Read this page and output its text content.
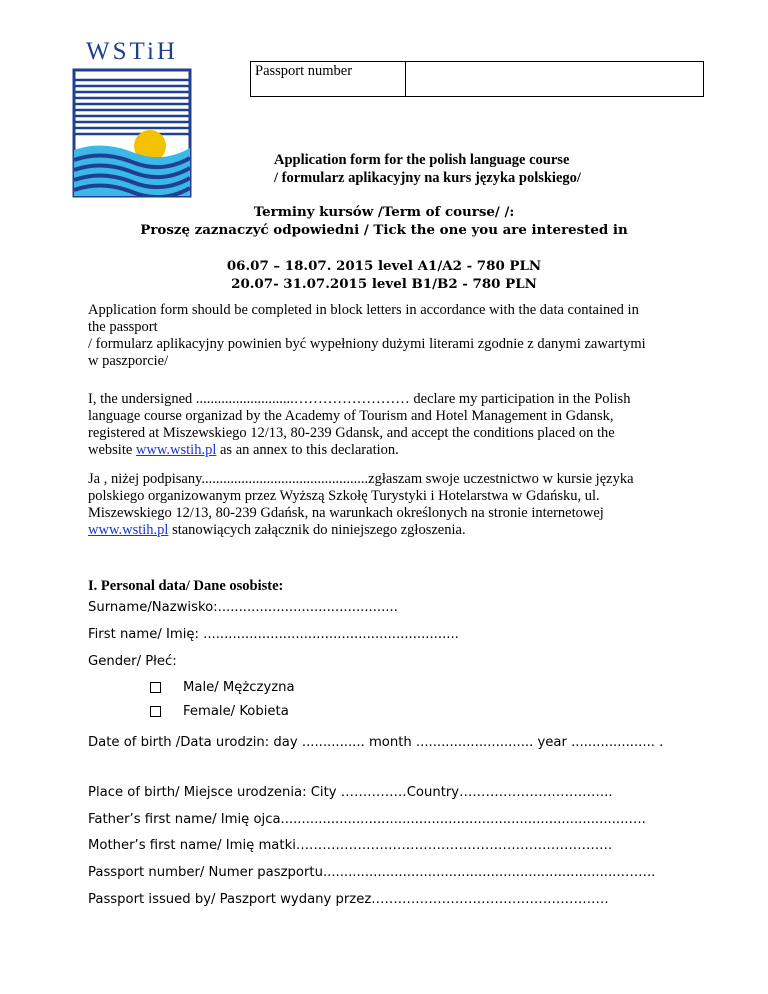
WSTiH
Passport number
Application form for the polish language course
/ formularz aplikacyjny na kurs języka polskiego/
Terminy kursów /Term of course/ /:
Proszę zaznaczyć odpowiedni / Tick the one you are interested in
06.07 – 18.07. 2015 level A1/A2 - 780 PLN
20.07- 31.07.2015 level B1/B2 - 780 PLN
Application form should be completed in block letters in accordance with the data contained in
the passport
/ formularz aplikacyjny powinien być wypełniony dużymi literami zgodnie z danymi zawartymi
w paszporcie/
I, the undersigned ...........................…………………… declare my participation in the Polish
language course organizad by the Academy of Tourism and Hotel Management in Gdansk,
registered at Miszewskiego 12/13, 80-239 Gdansk, and accept the conditions placed on the
website www.wstih.pl as an annex to this declaration.
Ja , niżej podpisany..............................................zgłaszam swoje uczestnictwo w kursie języka
polskiego organizowanym przez Wyższą Szkołę Turystyki i Hotelarstwa w Gdańsku, ul.
Miszewskiego 12/13, 80-239 Gdańsk, na warunkach określonych na stronie internetowej
www.wstih.pl stanowiących załącznik do niniejszego zgłoszenia.
I. Personal data/ Dane osobiste:
Surname/Nazwisko:...........................................
First name/ Imię: .............................................................
Gender/ Płeć:
Male/ Mężczyzna
Female/ Kobieta
Date of birth /Data urodzin: day ............... month ............................ year .................... .
Place of birth/ Miejsce urodzenia: City ……………Country……………………………..
Father’s first name/ Imię ojca...................................................................................….
Mother’s first name/ Imię matki………………………………………………………………
Passport number/ Numer paszportu.......................................................................……..
Passport issued by/ Paszport wydany przez………………………………………………
